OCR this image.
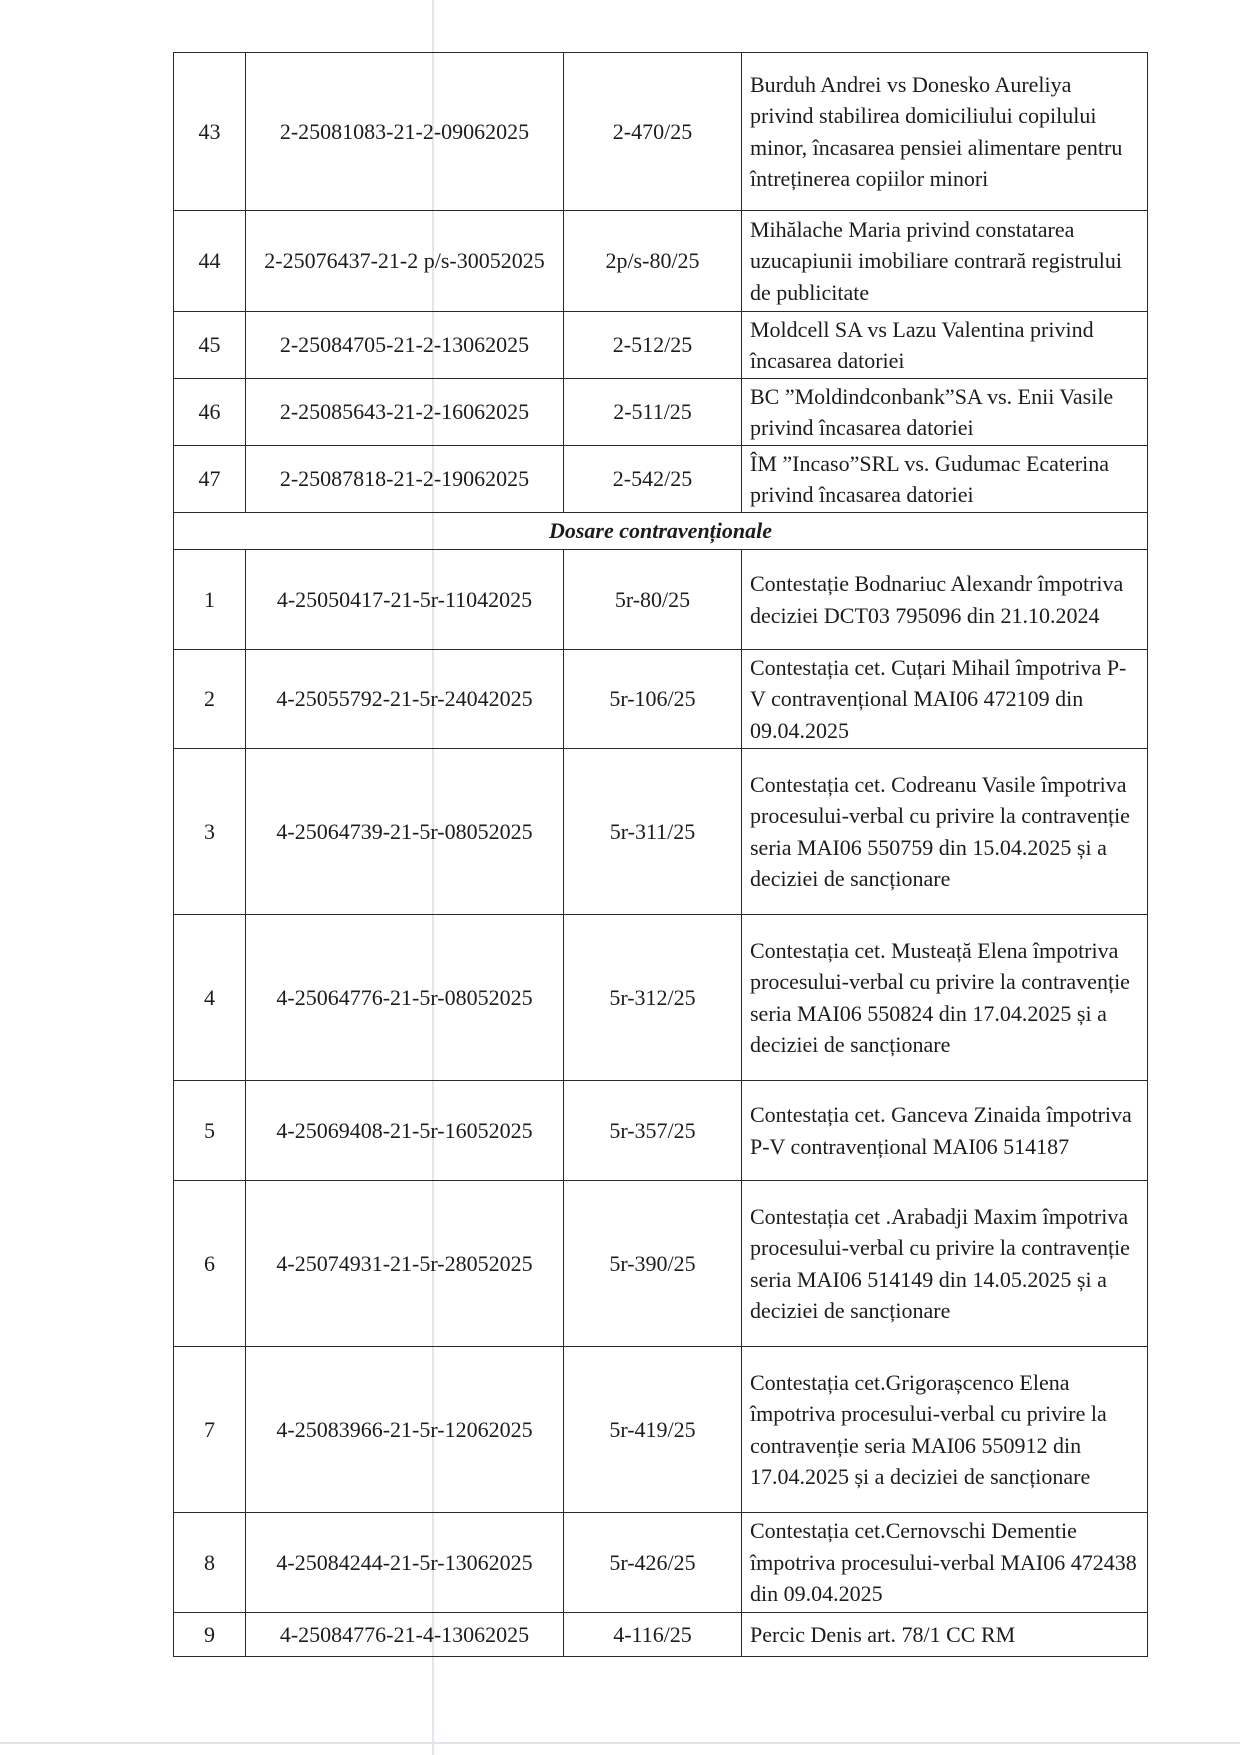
43	2-25081083-21-2-09062025	2-470/25	Burduh Andrei vs Donesko Aureliya privind stabilirea domiciliului copilului minor, încasarea pensiei alimentare pentru întreținerea copiilor minori
44	2-25076437-21-2 p/s-30052025	2p/s-80/25	Mihălache Maria privind constatarea uzucapiunii imobiliare contrară registrului de publicitate
45	2-25084705-21-2-13062025	2-512/25	Moldcell SA vs Lazu Valentina privind încasarea datoriei
46	2-25085643-21-2-16062025	2-511/25	BC ”Moldindconbank”SA vs. Enii Vasile privind încasarea datoriei
47	2-25087818-21-2-19062025	2-542/25	ÎM ”Incaso”SRL vs. Gudumac Ecaterina privind încasarea datoriei
Dosare contravenționale			
1	4-25050417-21-5r-11042025	5r-80/25	Contestație Bodnariuc Alexandr împotriva deciziei DCT03 795096 din 21.10.2024
2	4-25055792-21-5r-24042025	5r-106/25	Contestația cet. Cuțari Mihail împotriva P-V contravențional MAI06 472109 din 09.04.2025
3	4-25064739-21-5r-08052025	5r-311/25	Contestația cet. Codreanu Vasile împotriva procesului-verbal cu privire la contravenție seria MAI06 550759 din 15.04.2025 și a deciziei de sancționare
4	4-25064776-21-5r-08052025	5r-312/25	Contestația cet. Musteață Elena împotriva procesului-verbal cu privire la contravenție seria MAI06 550824 din 17.04.2025 și a deciziei de sancționare
5	4-25069408-21-5r-16052025	5r-357/25	Contestația cet. Ganceva Zinaida împotriva P-V contravențional MAI06 514187
6	4-25074931-21-5r-28052025	5r-390/25	Contestația cet .Arabadji Maxim împotriva procesului-verbal cu privire la contravenție seria MAI06 514149 din 14.05.2025 și a deciziei de sancționare
7	4-25083966-21-5r-12062025	5r-419/25	Contestația cet.Grigorașcenco Elena împotriva procesului-verbal cu privire la contravenție seria MAI06 550912 din 17.04.2025 și a deciziei de sancționare
8	4-25084244-21-5r-13062025	5r-426/25	Contestația cet.Cernovschi Dementie împotriva procesului-verbal MAI06 472438 din 09.04.2025
9	4-25084776-21-4-13062025	4-116/25	Percic Denis art. 78/1 CC RM
